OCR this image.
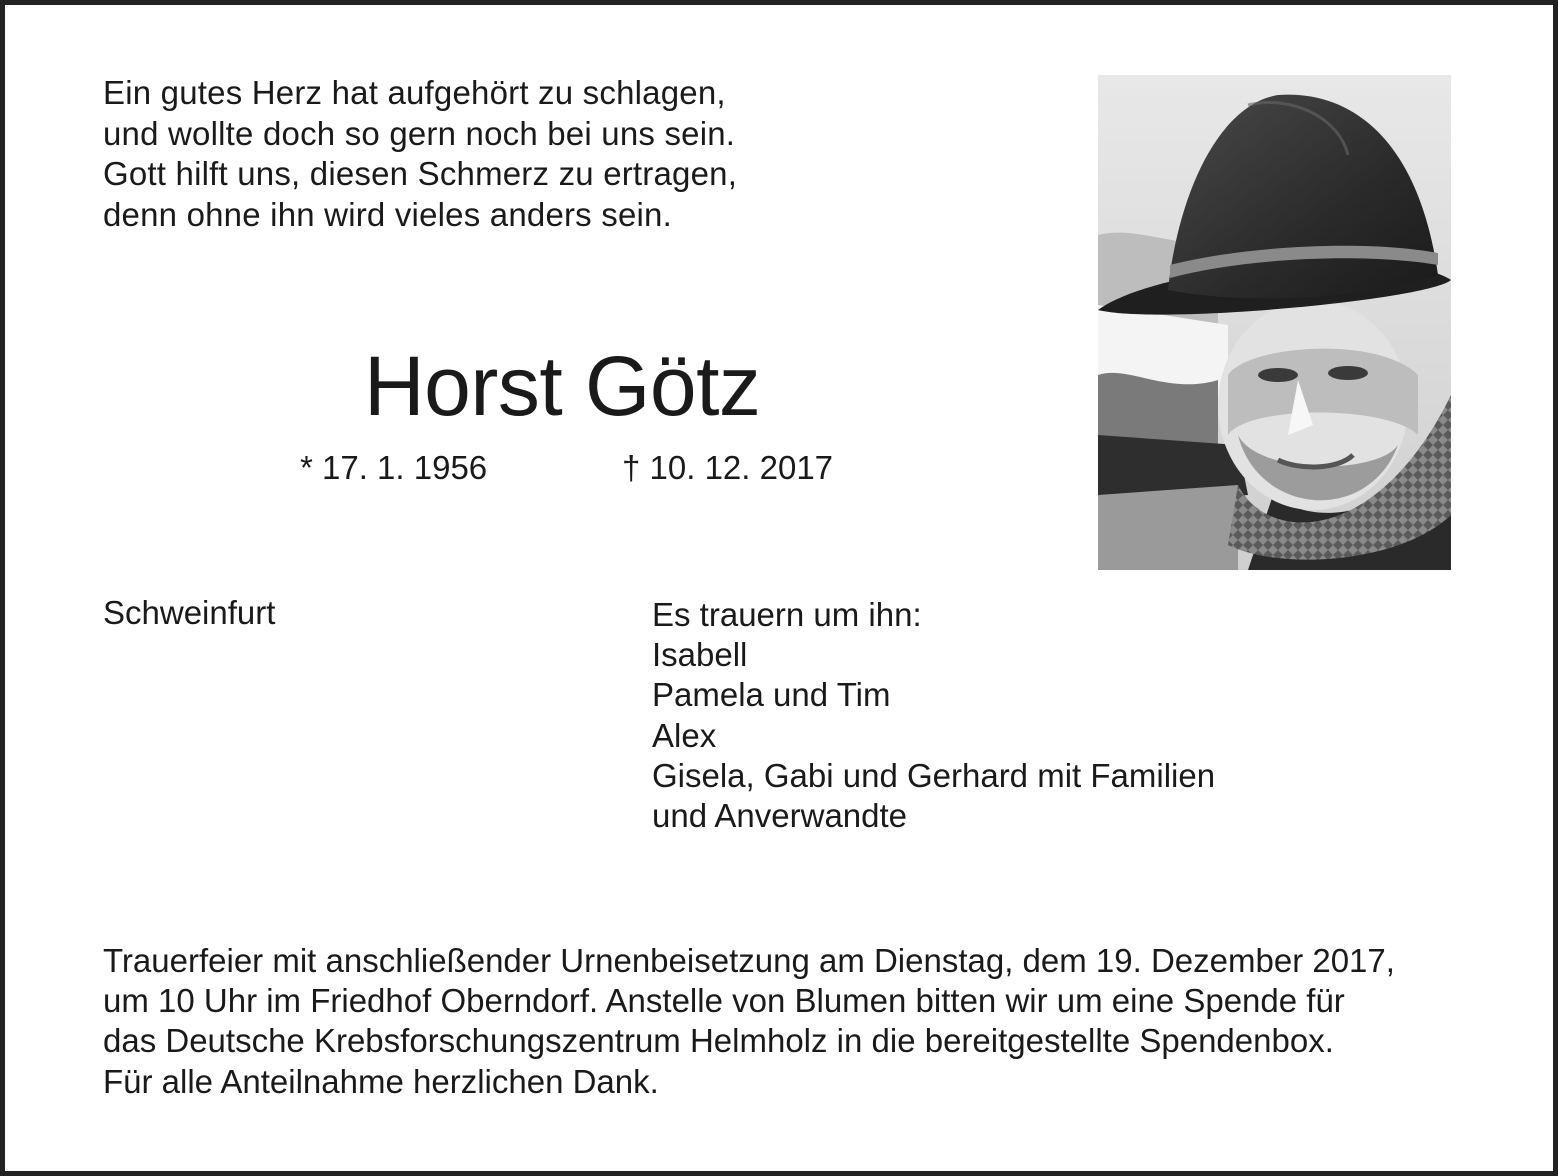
Ein gutes Herz hat aufgehört zu schlagen,
und wollte doch so gern noch bei uns sein.
Gott hilft uns, diesen Schmerz zu ertragen,
denn ohne ihn wird vieles anders sein.
Horst Götz
* 17. 1. 1956	† 10. 12. 2017
Schweinfurt	Es trauern um ihn:
Isabell
Pamela und Tim
Alex
Gisela, Gabi und Gerhard mit Familien
und Anverwandte
Trauerfeier mit anschließender Urnenbeisetzung am Dienstag, dem 19. Dezember 2017,
um 10 Uhr im Friedhof Oberndorf. Anstelle von Blumen bitten wir um eine Spende für
das Deutsche Krebsforschungszentrum Helmholz in die bereitgestellte Spendenbox.
Für alle Anteilnahme herzlichen Dank.
